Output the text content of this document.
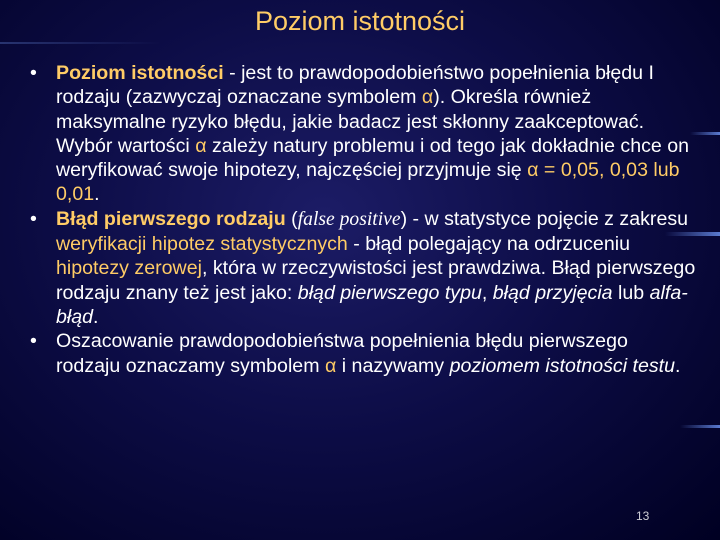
Poziom istotności
• Poziom istotności - jest to prawdopodobieństwo popełnienia błędu I rodzaju (zazwyczaj oznaczane symbolem α). Określa również maksymalne ryzyko błędu, jakie badacz jest skłonny zaakceptować. Wybór wartości α zależy natury problemu i od tego jak dokładnie chce on weryfikować swoje hipotezy, najczęściej przyjmuje się α = 0,05, 0,03 lub 0,01.
• Błąd pierwszego rodzaju (false positive) - w statystyce pojęcie z zakresu weryfikacji hipotez statystycznych - błąd polegający na odrzuceniu hipotezy zerowej, która w rzeczywistości jest prawdziwa. Błąd pierwszego rodzaju znany też jest jako: błąd pierwszego typu, błąd przyjęcia lub alfa-błąd.
• Oszacowanie prawdopodobieństwa popełnienia błędu pierwszego rodzaju oznaczamy symbolem α i nazywamy poziomem istotności testu.
13
